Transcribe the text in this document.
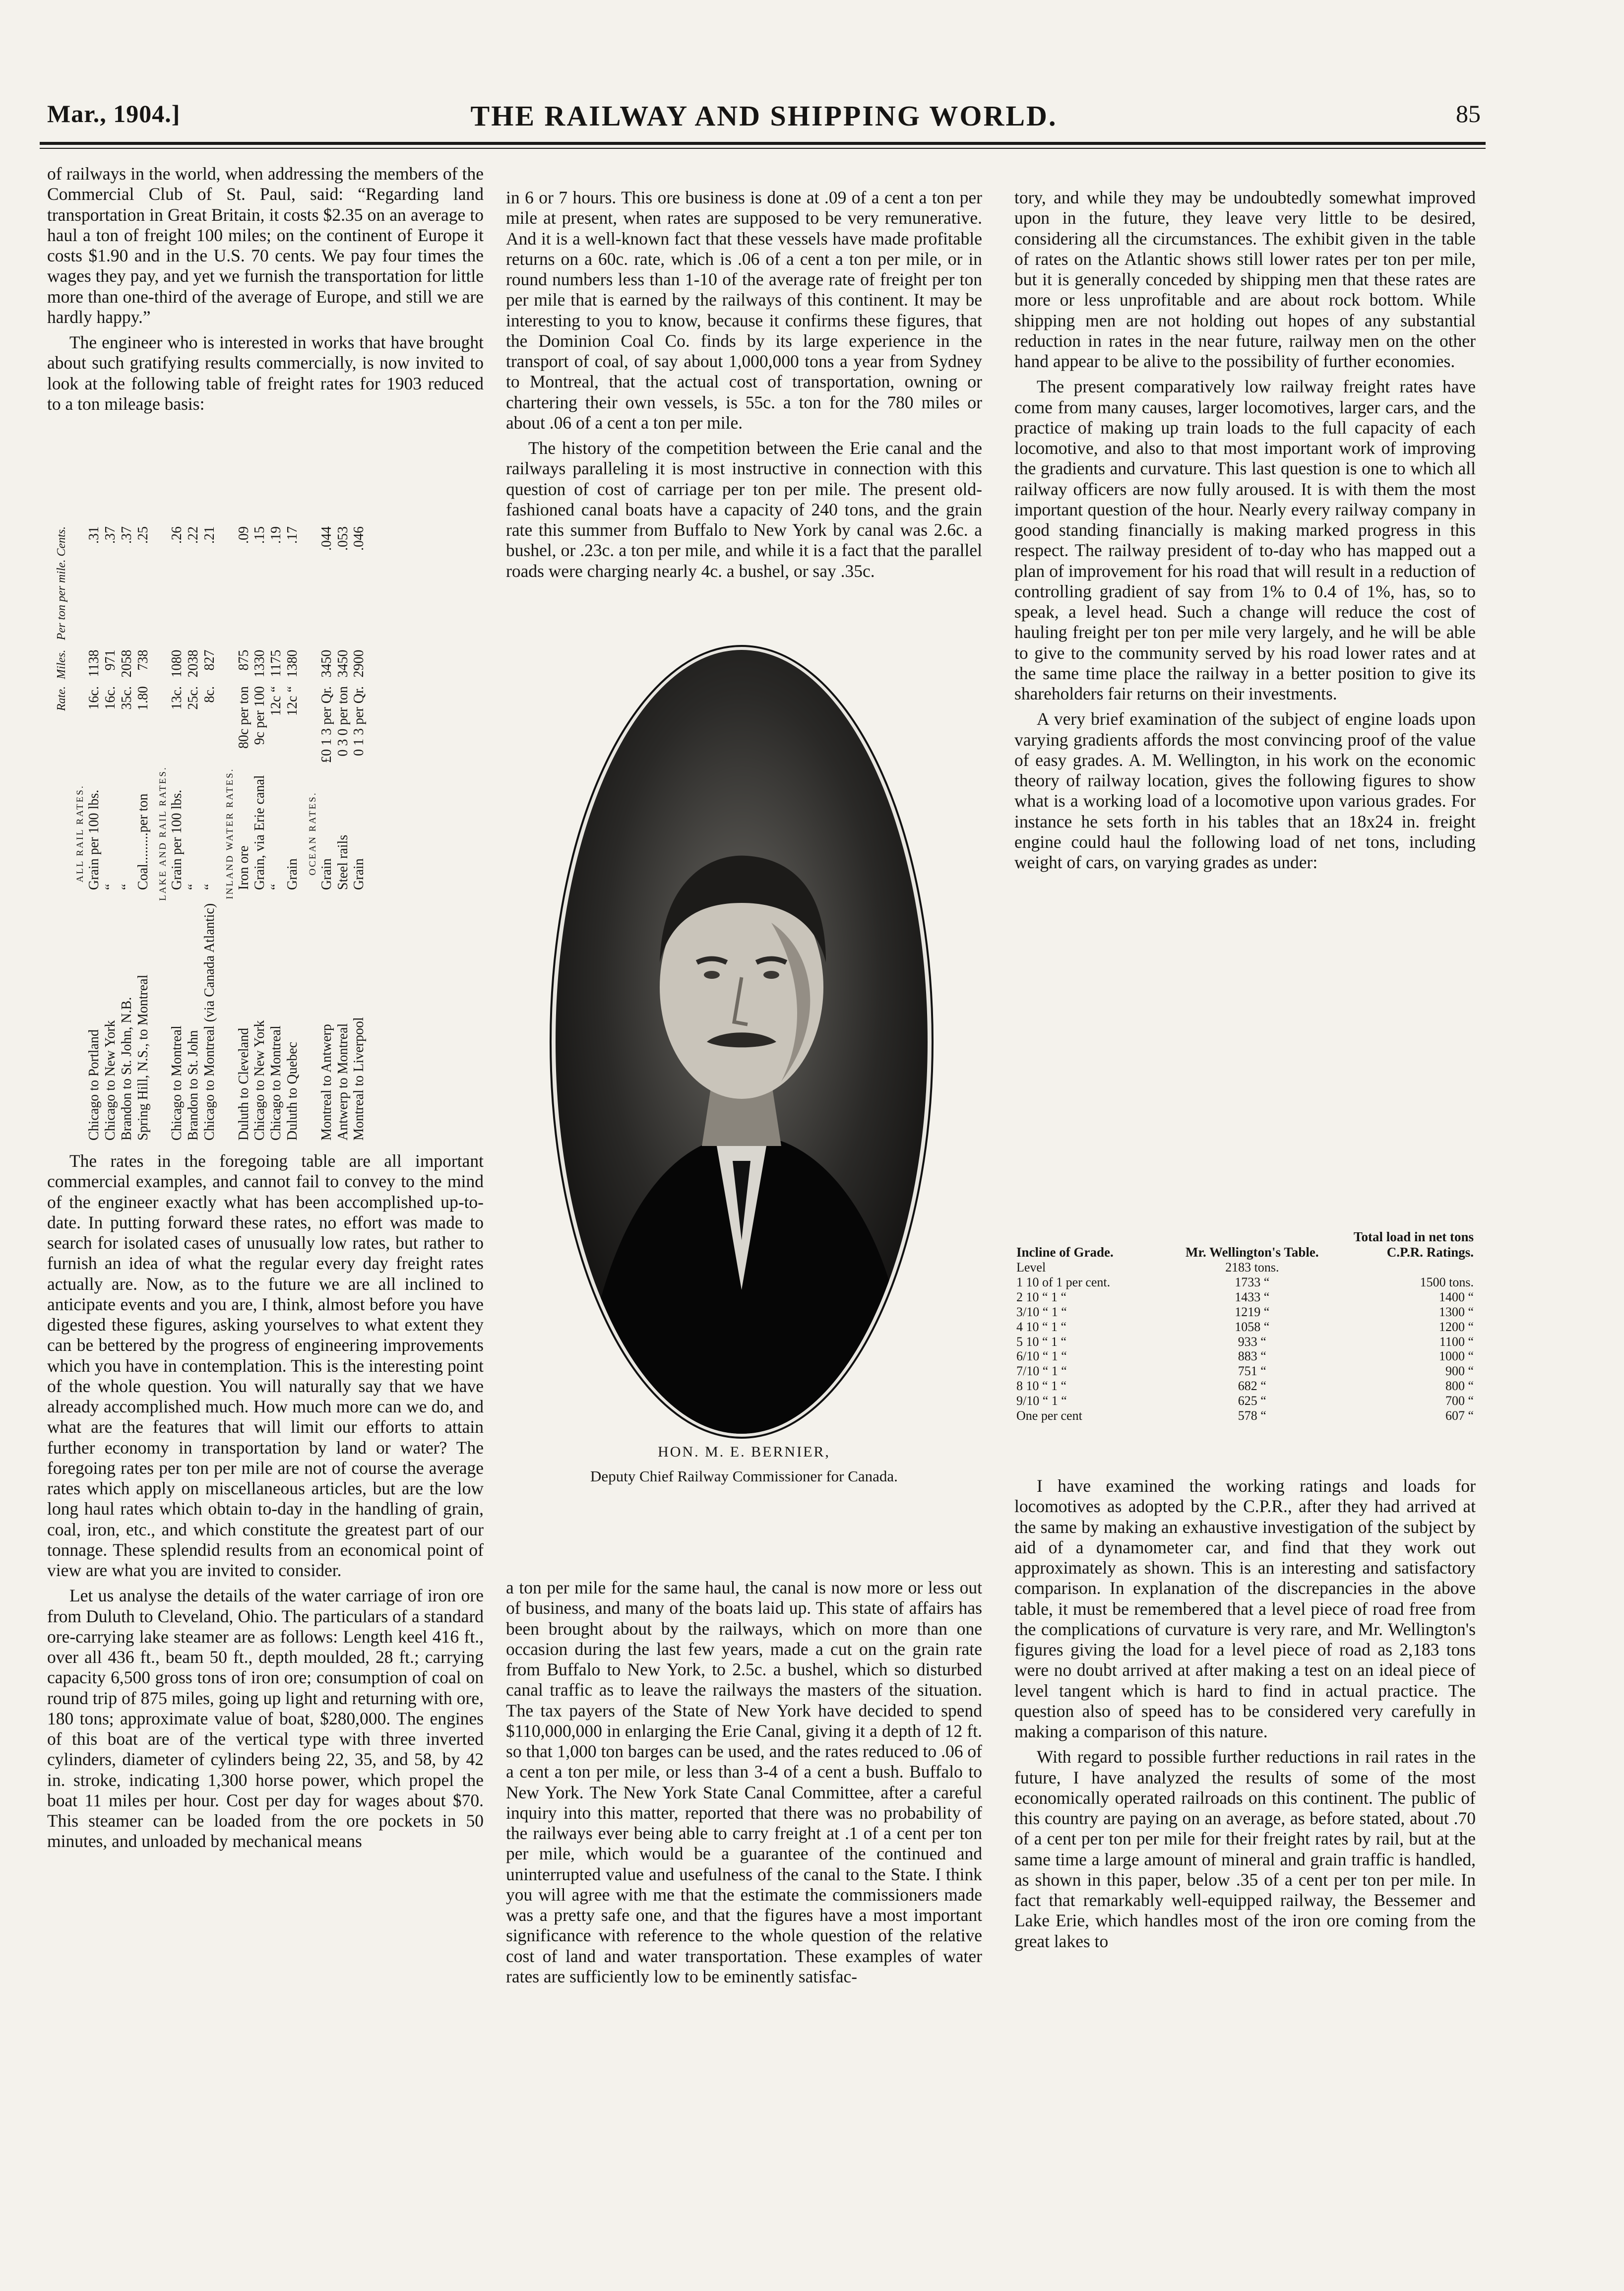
Mar., 1904.]	THE RAILWAY AND SHIPPING WORLD.	85

of railways in the world, when addressing the members of the Commercial Club of St. Paul, said: “Regarding land transportation in Great Britain, it costs $2.35 on an average to haul a ton of freight 100 miles; on the continent of Europe it costs $1.90 and in the U.S. 70 cents. We pay four times the wages they pay, and yet we furnish the transportation for little more than one-third of the average of Europe, and still we are hardly happy.”

The engineer who is interested in works that have brought about such gratifying results commercially, is now invited to look at the following table of freight rates for 1903 reduced to a ton mileage basis:

		Rate.	Miles.	Per ton per mile. Cents.
ALL RAIL RATES.				
Chicago to Portland	Grain per 100 lbs.	16c.	1138	.31
Chicago to New York	“	16c.	971	.37
Brandon to St. John, N.B.	“	35c.	2058	.37
Spring Hill, N.S., to Montreal	Coal.........per ton	1.80	738	.25
LAKE AND RAIL RATES.				
Chicago to Montreal	Grain per 100 lbs.	13c.	1080	.26
Brandon to St. John	“	25c.	2038	.22
Chicago to Montreal (via Canada Atlantic)	“	8c.	827	.21
INLAND WATER RATES.				
Duluth to Cleveland	Iron ore	80c per ton	875	.09
Chicago to New York	Grain, via Erie canal	9c per 100	1330	.15
Chicago to Montreal	“	12c “	1175	.19
Duluth to Quebec	Grain	12c “	1380	.17
OCEAN RATES.				
Montreal to Antwerp	Grain	£0 1 3 per Qr.	3450	.044
Antwerp to Montreal	Steel rails	0 3 0 per ton	3450	.053
Montreal to Liverpool	Grain	0 1 3 per Qr.	2900	.046

The rates in the foregoing table are all important commercial examples, and cannot fail to convey to the mind of the engineer exactly what has been accomplished up-to-date. In putting forward these rates, no effort was made to search for isolated cases of unusually low rates, but rather to furnish an idea of what the regular every day freight rates actually are. Now, as to the future we are all inclined to anticipate events and you are, I think, almost before you have digested these figures, asking yourselves to what extent they can be bettered by the progress of engineering improvements which you have in contemplation. This is the interesting point of the whole question. You will naturally say that we have already accomplished much. How much more can we do, and what are the features that will limit our efforts to attain further economy in transportation by land or water? The foregoing rates per ton per mile are not of course the average rates which apply on miscellaneous articles, but are the low long haul rates which obtain to-day in the handling of grain, coal, iron, etc., and which constitute the greatest part of our tonnage. These splendid results from an economical point of view are what you are invited to consider.

Let us analyse the details of the water carriage of iron ore from Duluth to Cleveland, Ohio. The particulars of a standard ore-carrying lake steamer are as follows: Length keel 416 ft., over all 436 ft., beam 50 ft., depth moulded, 28 ft.; carrying capacity 6,500 gross tons of iron ore; consumption of coal on round trip of 875 miles, going up light and returning with ore, 180 tons; approximate value of boat, $280,000. The engines of this boat are of the vertical type with three inverted cylinders, diameter of cylinders being 22, 35, and 58, by 42 in. stroke, indicating 1,300 horse power, which propel the boat 11 miles per hour. Cost per day for wages about $70. This steamer can be loaded from the ore pockets in 50 minutes, and unloaded by mechanical means

in 6 or 7 hours. This ore business is done at .09 of a cent a ton per mile at present, when rates are supposed to be very remunerative. And it is a well-known fact that these vessels have made profitable returns on a 60c. rate, which is .06 of a cent a ton per mile, or in round numbers less than 1-10 of the average rate of freight per ton per mile that is earned by the railways of this continent. It may be interesting to you to know, because it confirms these figures, that the Dominion Coal Co. finds by its large experience in the transport of coal, of say about 1,000,000 tons a year from Sydney to Montreal, that the actual cost of transportation, owning or chartering their own vessels, is 55c. a ton for the 780 miles or about .06 of a cent a ton per mile.

The history of the competition between the Erie canal and the railways paralleling it is most instructive in connection with this question of cost of carriage per ton per mile. The present old-fashioned canal boats have a capacity of 240 tons, and the grain rate this summer from Buffalo to New York by canal was 2.6c. a bushel, or .23c. a ton per mile, and while it is a fact that the parallel roads were charging nearly 4c. a bushel, or say .35c.

HON. M. E. BERNIER,
Deputy Chief Railway Commissioner for Canada.

a ton per mile for the same haul, the canal is now more or less out of business, and many of the boats laid up. This state of affairs has been brought about by the railways, which on more than one occasion during the last few years, made a cut on the grain rate from Buffalo to New York, to 2.5c. a bushel, which so disturbed canal traffic as to leave the railways the masters of the situation. The tax payers of the State of New York have decided to spend $110,000,000 in enlarging the Erie Canal, giving it a depth of 12 ft. so that 1,000 ton barges can be used, and the rates reduced to .06 of a cent a ton per mile, or less than 3-4 of a cent a bush. Buffalo to New York. The New York State Canal Committee, after a careful inquiry into this matter, reported that there was no probability of the railways ever being able to carry freight at .1 of a cent per ton per mile, which would be a guarantee of the continued and uninterrupted value and usefulness of the canal to the State. I think you will agree with me that the estimate the commissioners made was a pretty safe one, and that the figures have a most important significance with reference to the whole question of the relative cost of land and water transportation. These examples of water rates are sufficiently low to be eminently satisfac-

tory, and while they may be undoubtedly somewhat improved upon in the future, they leave very little to be desired, considering all the circumstances. The exhibit given in the table of rates on the Atlantic shows still lower rates per ton per mile, but it is generally conceded by shipping men that these rates are more or less unprofitable and are about rock bottom. While shipping men are not holding out hopes of any substantial reduction in rates in the near future, railway men on the other hand appear to be alive to the possibility of further economies.

The present comparatively low railway freight rates have come from many causes, larger locomotives, larger cars, and the practice of making up train loads to the full capacity of each locomotive, and also to that most important work of improving the gradients and curvature. This last question is one to which all railway officers are now fully aroused. It is with them the most important question of the hour. Nearly every railway company in good standing financially is making marked progress in this respect. The railway president of to-day who has mapped out a plan of improvement for his road that will result in a reduction of controlling gradient of say from 1% to 0.4 of 1%, has, so to speak, a level head. Such a change will reduce the cost of hauling freight per ton per mile very largely, and he will be able to give to the community served by his road lower rates and at the same time place the railway in a better position to give its shareholders fair returns on their investments.

A very brief examination of the subject of engine loads upon varying gradients affords the most convincing proof of the value of easy grades. A. M. Wellington, in his work on the economic theory of railway location, gives the following figures to show what is a working load of a locomotive upon various grades. For instance he sets forth in his tables that an 18x24 in. freight engine could haul the following load of net tons, including weight of cars, on varying grades as under:

	Total load in net tons	
Incline of Grade.	Mr. Wellington's Table.	C.P.R. Ratings.
Level	2183 tons.	
1 10 of 1 per cent.	1733 “	1500 tons.
2 10 “ 1 “	1433 “	1400 “
3/10 “ 1 “	1219 “	1300 “
4 10 “ 1 “	1058 “	1200 “
5 10 “ 1 “	933 “	1100 “
6/10 “ 1 “	883 “	1000 “
7/10 “ 1 “	751 “	900 “
8 10 “ 1 “	682 “	800 “
9/10 “ 1 “	625 “	700 “
One per cent	578 “	607 “

I have examined the working ratings and loads for locomotives as adopted by the C.P.R., after they had arrived at the same by making an exhaustive investigation of the subject by aid of a dynamometer car, and find that they work out approximately as shown. This is an interesting and satisfactory comparison. In explanation of the discrepancies in the above table, it must be remembered that a level piece of road free from the complications of curvature is very rare, and Mr. Wellington's figures giving the load for a level piece of road as 2,183 tons were no doubt arrived at after making a test on an ideal piece of level tangent which is hard to find in actual practice. The question also of speed has to be considered very carefully in making a comparison of this nature.

With regard to possible further reductions in rail rates in the future, I have analyzed the results of some of the most economically operated railroads on this continent. The public of this country are paying on an average, as before stated, about .70 of a cent per ton per mile for their freight rates by rail, but at the same time a large amount of mineral and grain traffic is handled, as shown in this paper, below .35 of a cent per ton per mile. In fact that remarkably well-equipped railway, the Bessemer and Lake Erie, which handles most of the iron ore coming from the great lakes to
